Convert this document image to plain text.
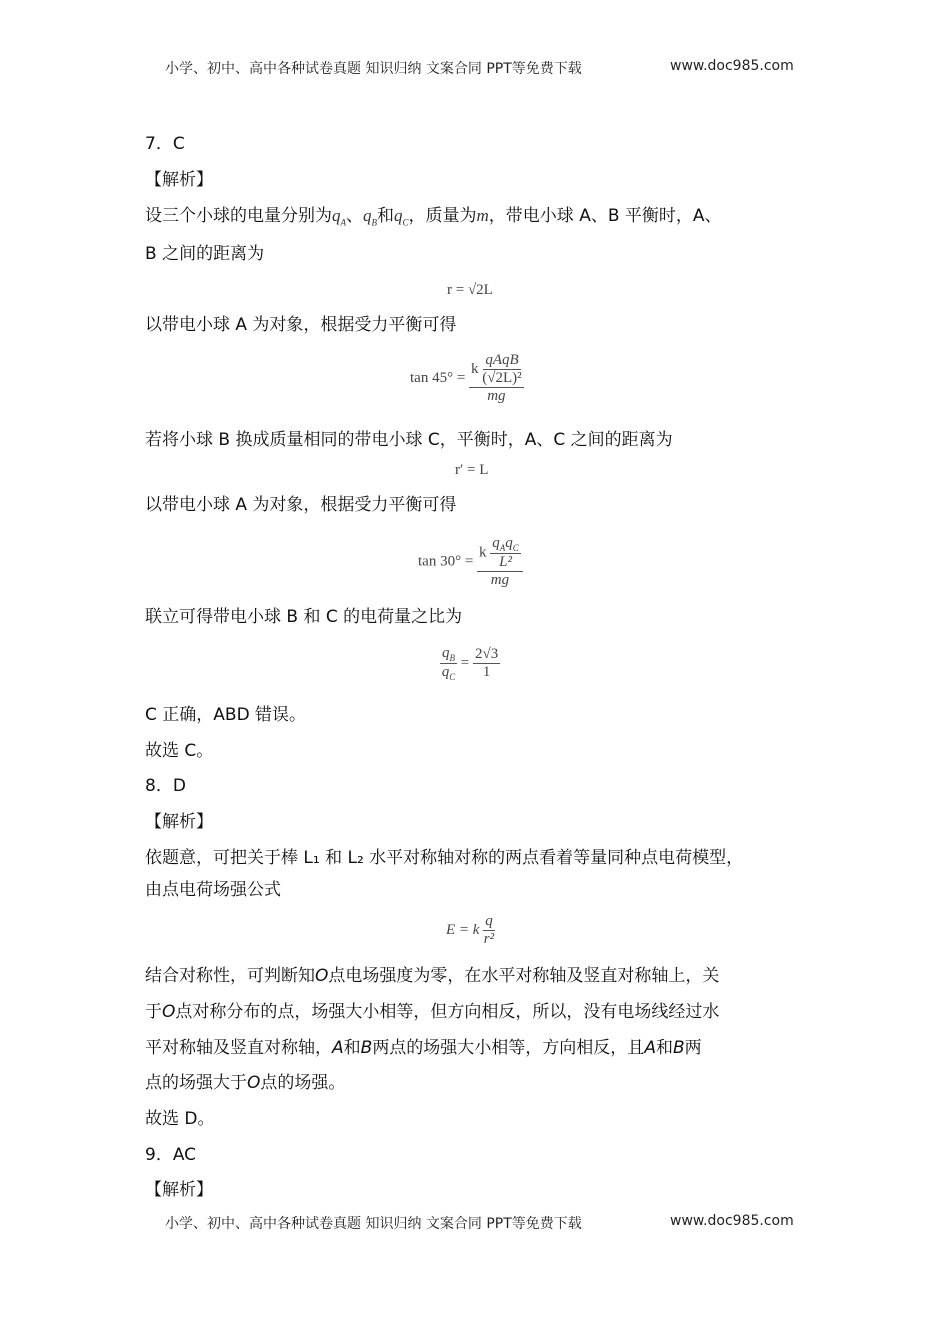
小学、初中、高中各种试卷真题 知识归纳 文案合同 PPT等免费下载	www.doc985.com
7．C
【解析】
设三个小球的电量分别为$q_A$、$q_B$和$q_C$，质量为m，带电小球 A、B 平衡时，A、
B 之间的距离为
r = √2L
以带电小球 A 为对象，根据受力平衡可得
$\tan 45^\circ = \frac{k \frac{\text{qAqB}}{\text{(√2L)²}}}{mg}$
若将小球 B 换成质量相同的带电小球 C，平衡时，A、C 之间的距离为
r′ = L
以带电小球 A 为对象，根据受力平衡可得
$\tan 30^\circ = \frac{k \frac{q_Aq_C}{\text{L²}}}{mg}$
联立可得带电小球 B 和 C 的电荷量之比为
$\frac{q_B}{q_C} = \frac{2√3}{1}$
C 正确，ABD 错误。
故选 C。
8．D
【解析】
依题意，可把关于棒 L₁ 和 L₂ 水平对称轴对称的两点看着等量同种点电荷模型，
由点电荷场强公式
E = k $\frac{q}{\text{r²}}$
结合对称性，可判断知O点电场强度为零，在水平对称轴及竖直对称轴上，关
于O点对称分布的点，场强大小相等，但方向相反，所以，没有电场线经过水
平对称轴及竖直对称轴，A和B两点的场强大小相等，方向相反，且A和B两
点的场强大于O点的场强。
故选 D。
9．AC
【解析】
小学、初中、高中各种试卷真题 知识归纳 文案合同 PPT等免费下载	www.doc985.com
